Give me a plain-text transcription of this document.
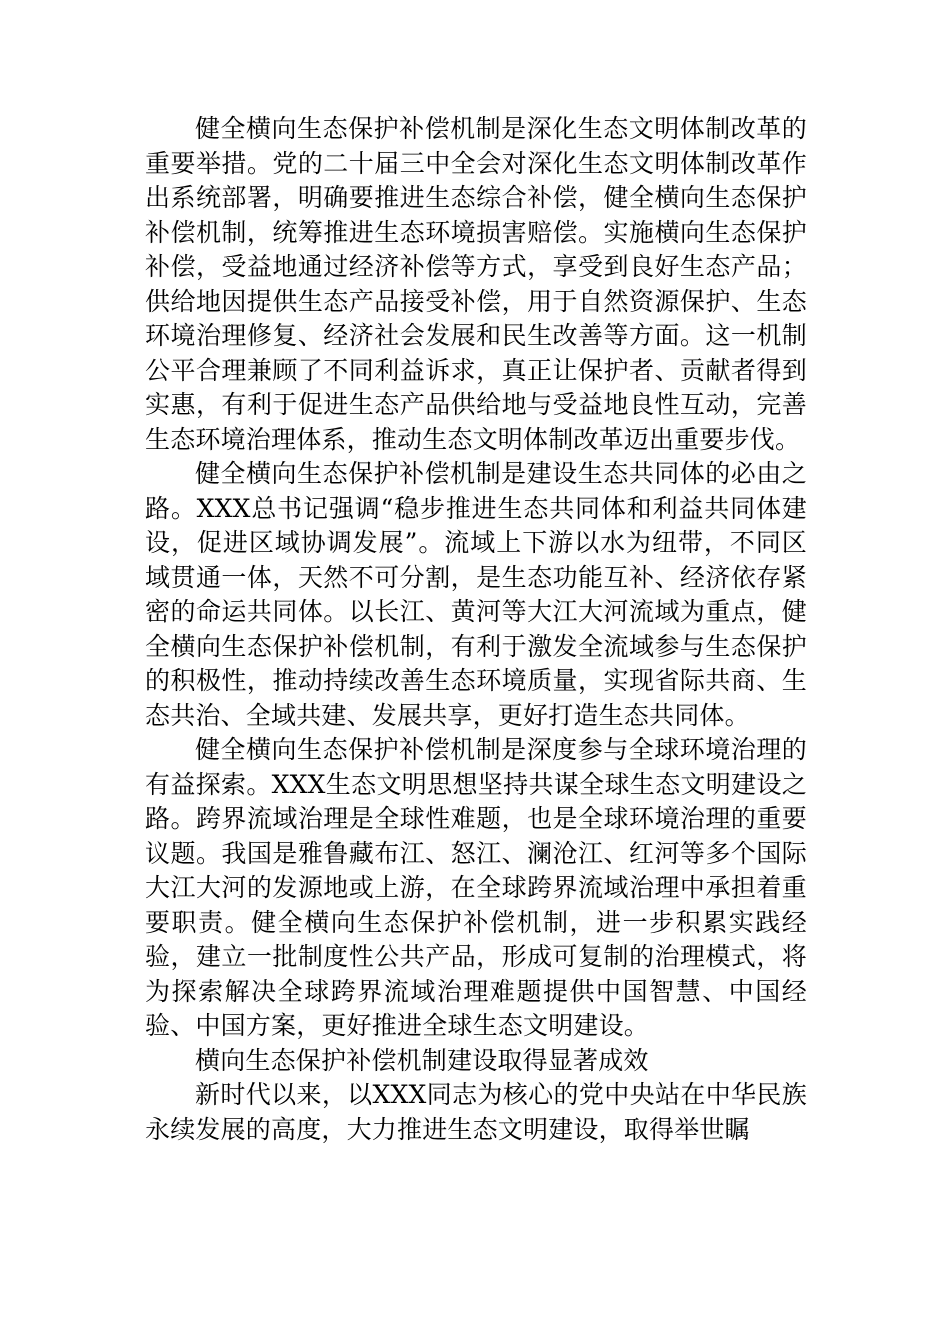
健全横向生态保护补偿机制是深化生态文明体制改革的重要举措。党的二十届三中全会对深化生态文明体制改革作出系统部署，明确要推进生态综合补偿，健全横向生态保护补偿机制，统筹推进生态环境损害赔偿。实施横向生态保护补偿，受益地通过经济补偿等方式，享受到良好生态产品；供给地因提供生态产品接受补偿，用于自然资源保护、生态环境治理修复、经济社会发展和民生改善等方面。这一机制公平合理兼顾了不同利益诉求，真正让保护者、贡献者得到实惠，有利于促进生态产品供给地与受益地良性互动，完善生态环境治理体系，推动生态文明体制改革迈出重要步伐。

健全横向生态保护补偿机制是建设生态共同体的必由之路。XXX总书记强调“稳步推进生态共同体和利益共同体建设，促进区域协调发展”。流域上下游以水为纽带，不同区域贯通一体，天然不可分割，是生态功能互补、经济依存紧密的命运共同体。以长江、黄河等大江大河流域为重点，健全横向生态保护补偿机制，有利于激发全流域参与生态保护的积极性，推动持续改善生态环境质量，实现省际共商、生态共治、全域共建、发展共享，更好打造生态共同体。

健全横向生态保护补偿机制是深度参与全球环境治理的有益探索。XXX生态文明思想坚持共谋全球生态文明建设之路。跨界流域治理是全球性难题，也是全球环境治理的重要议题。我国是雅鲁藏布江、怒江、澜沧江、红河等多个国际大江大河的发源地或上游，在全球跨界流域治理中承担着重要职责。健全横向生态保护补偿机制，进一步积累实践经验，建立一批制度性公共产品，形成可复制的治理模式，将为探索解决全球跨界流域治理难题提供中国智慧、中国经验、中国方案，更好推进全球生态文明建设。

横向生态保护补偿机制建设取得显著成效

新时代以来，以XXX同志为核心的党中央站在中华民族永续发展的高度，大力推进生态文明建设，取得举世瞩
